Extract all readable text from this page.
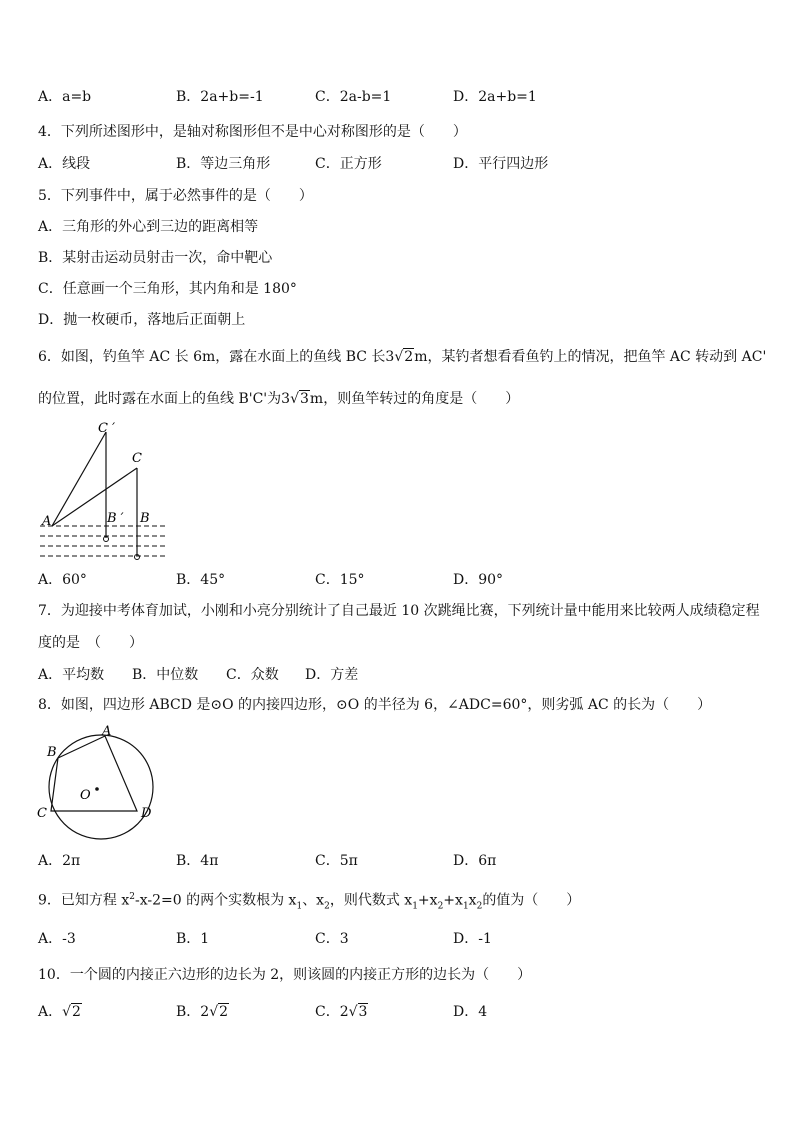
A．a=b	B．2a+b=-1	C．2a-b=1	D．2a+b=1
4．下列所述图形中，是轴对称图形但不是中心对称图形的是（　　）
A．线段	B．等边三角形	C．正方形	D．平行四边形
5．下列事件中，属于必然事件的是（　　）
A．三角形的外心到三边的距离相等
B．某射击运动员射击一次，命中靶心
C．任意画一个三角形，其内角和是 180°
D．抛一枚硬币，落地后正面朝上
6．如图，钓鱼竿 AC 长 6m，露在水面上的鱼线 BC 长3√2m，某钓者想看看鱼钓上的情况，把鱼竿 AC 转动到 AC'
的位置，此时露在水面上的鱼线 B'C'为3√3m，则鱼竿转过的角度是（　　）
C ′
C
A	B ′ B
A．60°	B．45°	C．15°	D．90°
7．为迎接中考体育加试，小刚和小亮分别统计了自己最近 10 次跳绳比赛，下列统计量中能用来比较两人成绩稳定程
度的是　（　　）
A．平均数 B．中位数 C．众数 D．方差
8．如图，四边形 ABCD 是⊙O 的内接四边形，⊙O 的半径为 6，∠ADC=60°，则劣弧 AC 的长为（　　）
B
A
C	D
O
A．2π	B．4π	C．5π	D．6π
9．已知方程 $x^2-x-2=0$ 的两个实数根为 $x_1$、$x_2$，则代数式 $x_1+x_2+x_1x_2$的值为（　　）
A．-3	B．1	C．3	D．-1
10．一个圆的内接正六边形的边长为 2，则该圆的内接正方形的边长为（　　）
A．√2	B．2√2	C．2√3	D．4
